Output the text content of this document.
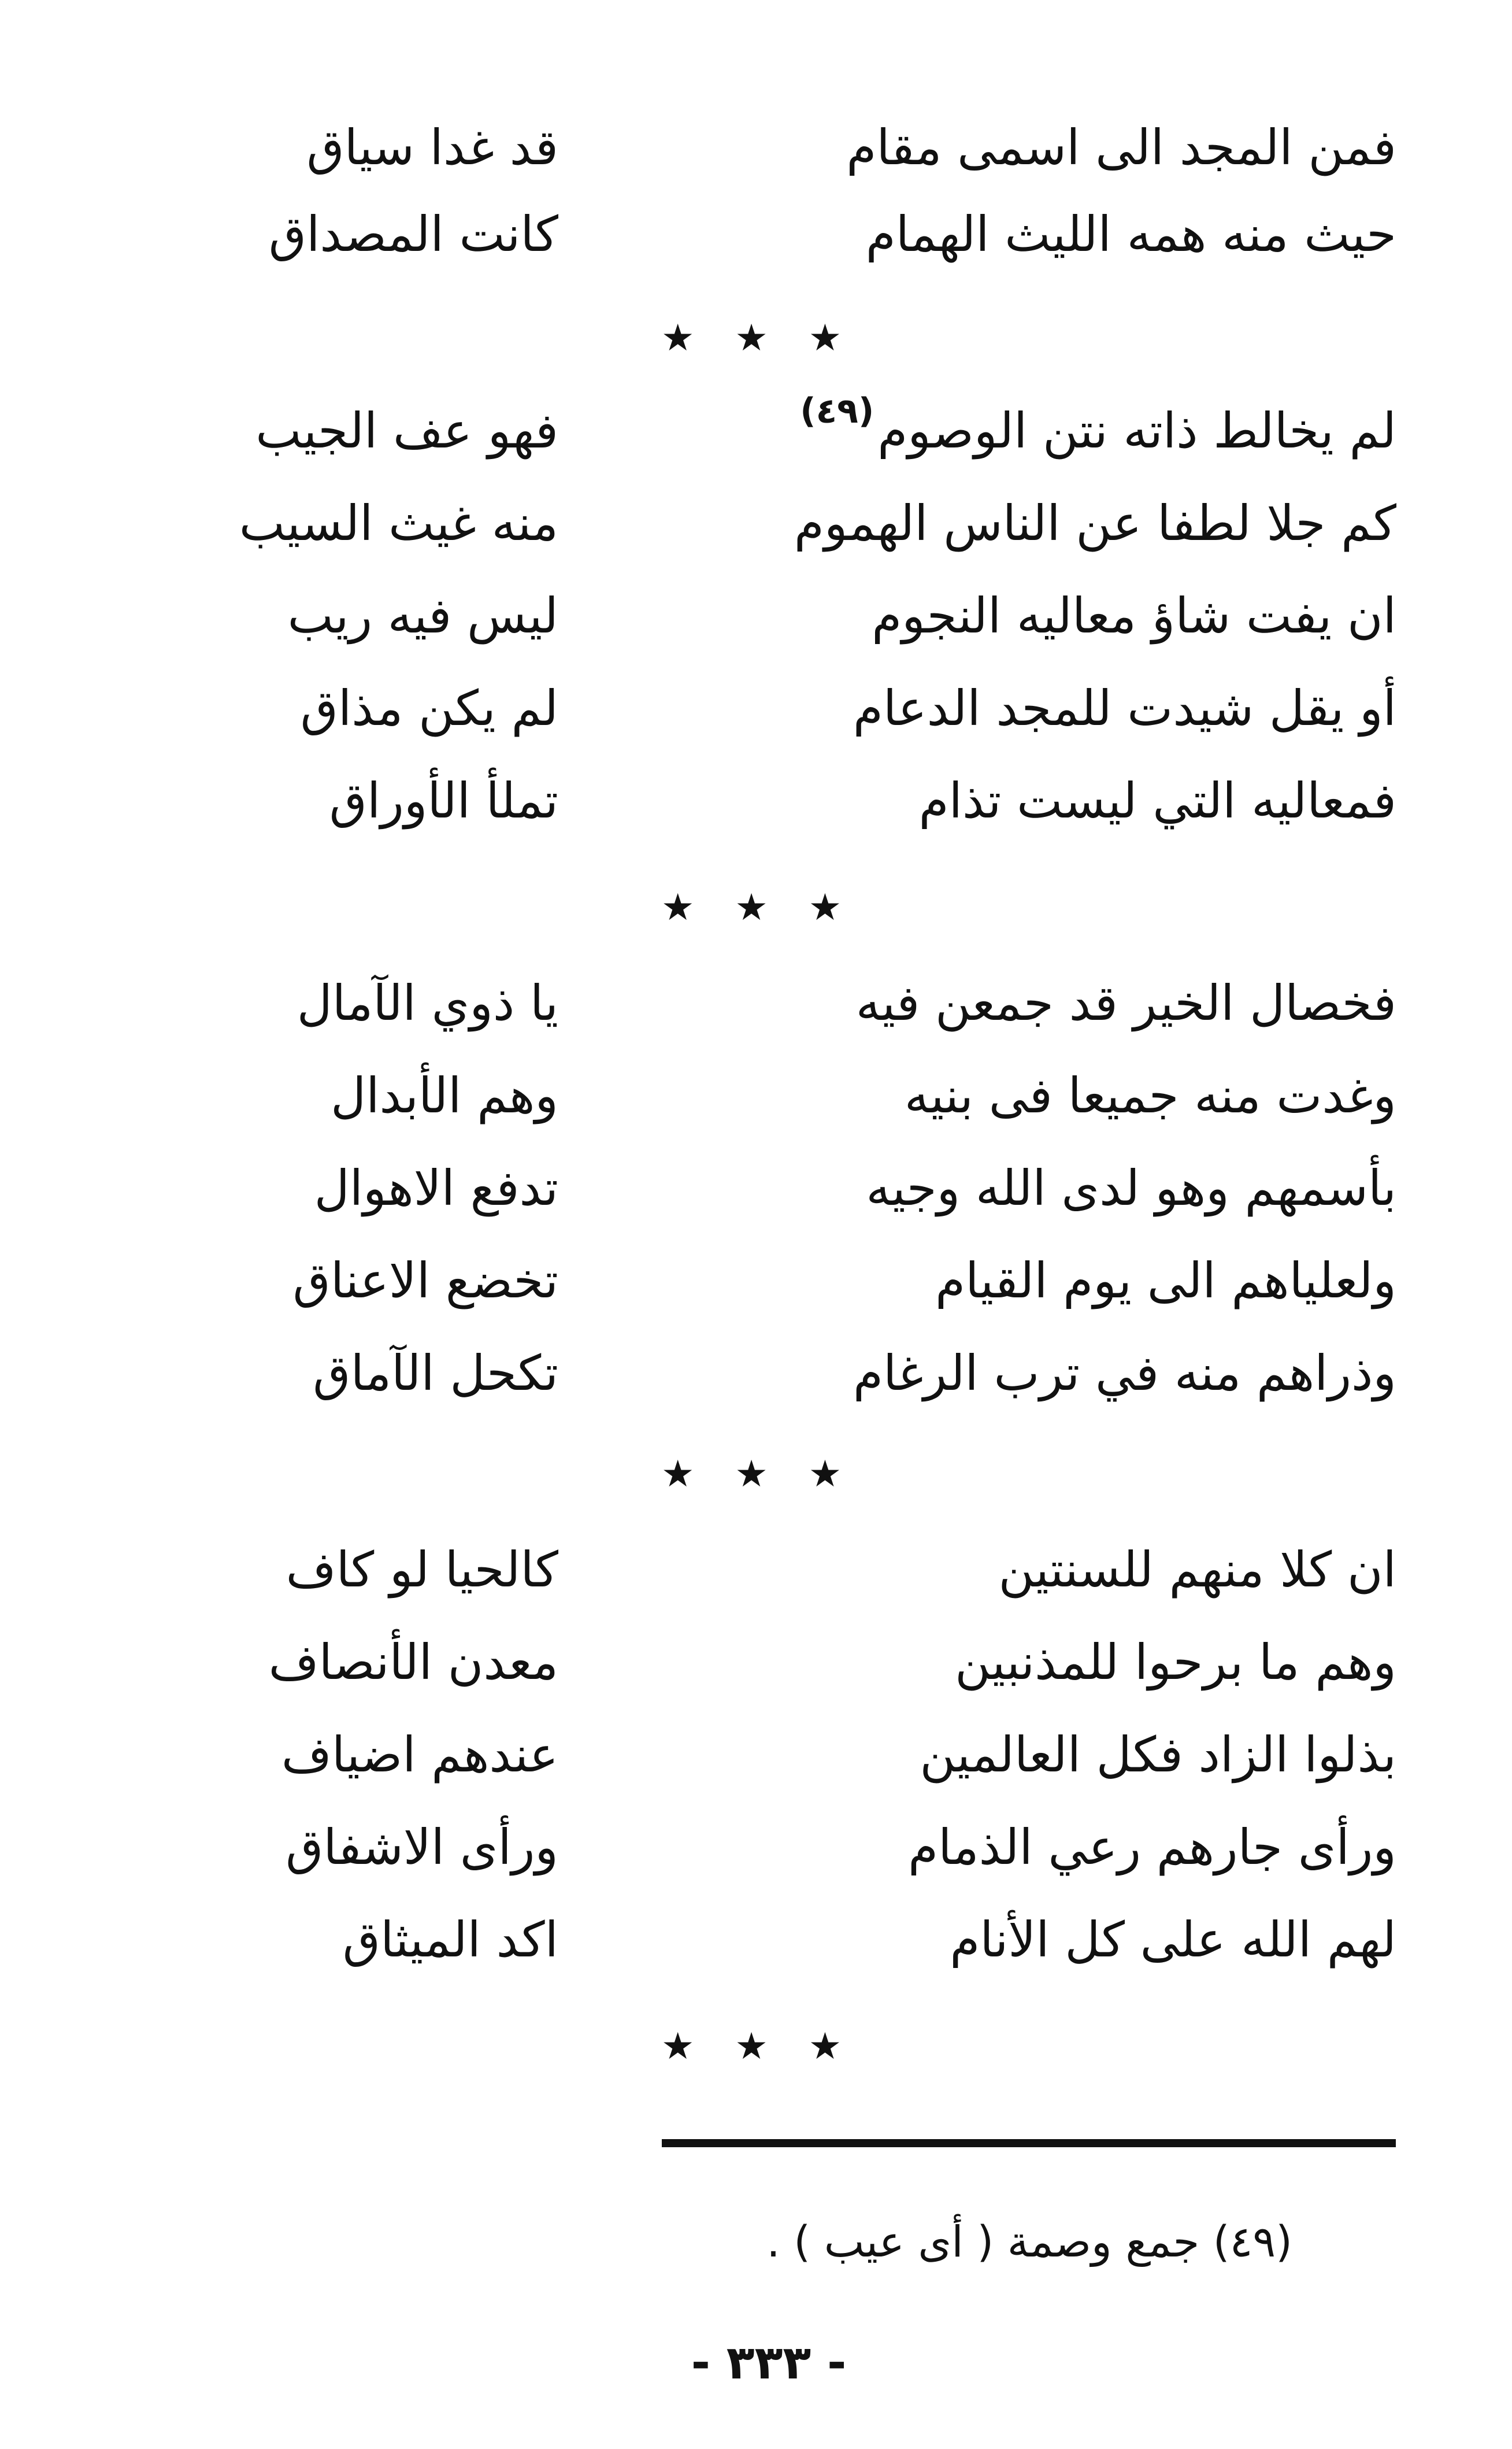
فمن المجد الى اسمى مقام
قد غدا سياق
حيث منه همه الليث الهمام
كانت المصداق
★ ★ ★
لم يخالط ذاته نتن الوصوم
(٤٩)
فهو عف الجيب
كم جلا لطفا عن الناس الهموم
منه غيث السيب
ان يفت شاؤ معاليه النجوم
ليس فيه ريب
أو يقل شيدت للمجد الدعام
لم يكن مذاق
فمعاليه التي ليست تذام
تملأ الأوراق
★ ★ ★
فخصال الخير قد جمعن فيه
يا ذوي الآمال
وغدت منه جميعا فى بنيه
وهم الأبدال
بأسمهم وهو لدى الله وجيه
تدفع الاهوال
ولعلياهم الى يوم القيام
تخضع الاعناق
وذراهم منه في ترب الرغام
تكحل الآماق
★ ★ ★
ان كلا منهم للسنتين
كالحيا لو كاف
وهم ما برحوا للمذنبين
معدن الأنصاف
بذلوا الزاد فكل العالمين
عندهم اضياف
ورأى جارهم رعي الذمام
ورأى الاشفاق
لهم الله على كل الأنام
اكد الميثاق
★ ★ ★
(٤٩) جمع وصمة ( أى عيب ) .
- ٣٣٣ -
